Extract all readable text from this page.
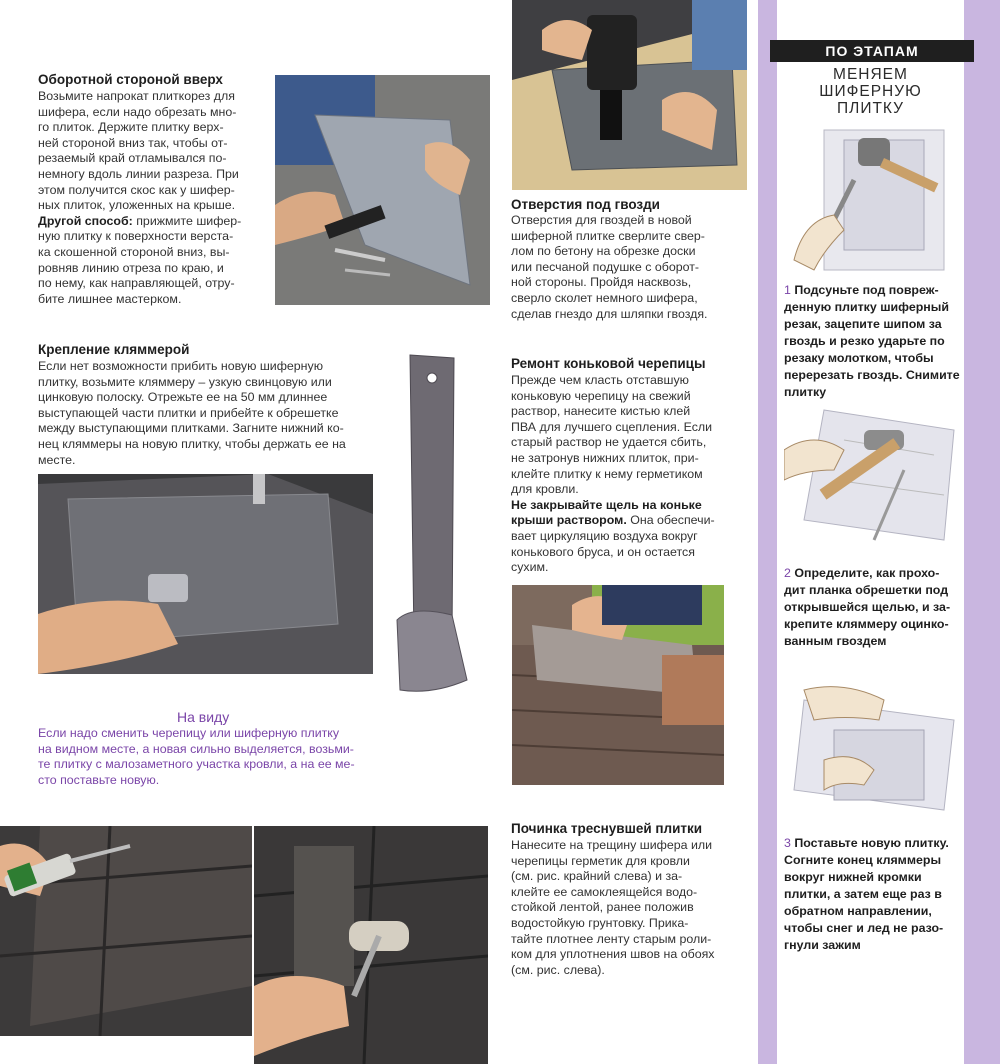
ПО ЭТАПАМ
МЕНЯЕМ
ШИФЕРНУЮ
ПЛИТКУ
1 Подсуньте под повреж-
денную плитку шиферный
резак, зацепите шипом за
гвоздь и резко ударьте по
резаку молотком, чтобы
перерезать гвоздь. Снимите
плитку
2 Определите, как прохо-
дит планка обрешетки под
открывшейся щелью, и за-
крепите кляммеру оцинко-
ванным гвоздем
3 Поставьте новую плитку.
Согните конец кляммеры
вокруг нижней кромки
плитки, а затем еще раз в
обратном направлении,
чтобы снег и лед не разо-
гнули зажим
Оборотной стороной вверх
Возьмите напрокат плиткорез для
шифера, если надо обрезать мно-
го плиток. Держите плитку верх-
ней стороной вниз так, чтобы от-
резаемый край отламывался по-
немногу вдоль линии разреза. При
этом получится скос как у шифер-
ных плиток, уложенных на крыше.
Другой способ: прижмите шифер-
ную плитку к поверхности верста-
ка скошенной стороной вниз, вы-
ровняв линию отреза по краю, и
по нему, как направляющей, отру-
бите лишнее мастерком.
Крепление кляммерой
Если нет возможности прибить новую шиферную
плитку, возьмите кляммеру – узкую свинцовую или
цинковую полоску. Отрежьте ее на 50 мм длиннее
выступающей части плитки и прибейте к обрешетке
между выступающими плитками. Загните нижний ко-
нец кляммеры на новую плитку, чтобы держать ее на
месте.
На виду
Если надо сменить черепицу или шиферную плитку
на видном месте, а новая сильно выделяется, возьми-
те плитку с малозаметного участка кровли, а на ее ме-
сто поставьте новую.
Отверстия под гвозди
Отверстия для гвоздей в новой
шиферной плитке сверлите свер-
лом по бетону на обрезке доски
или песчаной подушке с оборот-
ной стороны. Пройдя насквозь,
сверло сколет немного шифера,
сделав гнездо для шляпки гвоздя.
Ремонт коньковой черепицы
Прежде чем класть отставшую
коньковую черепицу на свежий
раствор, нанесите кистью клей
ПВА для лучшего сцепления. Если
старый раствор не удается сбить,
не затронув нижних плиток, при-
клейте плитку к нему герметиком
для кровли.
Не закрывайте щель на коньке
крыши раствором. Она обеспечи-
вает циркуляцию воздуха вокруг
конькового бруса, и он остается
сухим.
Починка треснувшей плитки
Нанесите на трещину шифера или
черепицы герметик для кровли
(см. рис. крайний слева) и за-
клейте ее самоклеящейся водо-
стойкой лентой, ранее положив
водостойкую грунтовку. Прика-
тайте плотнее ленту старым роли-
ком для уплотнения швов на обоях
(см. рис. слева).
